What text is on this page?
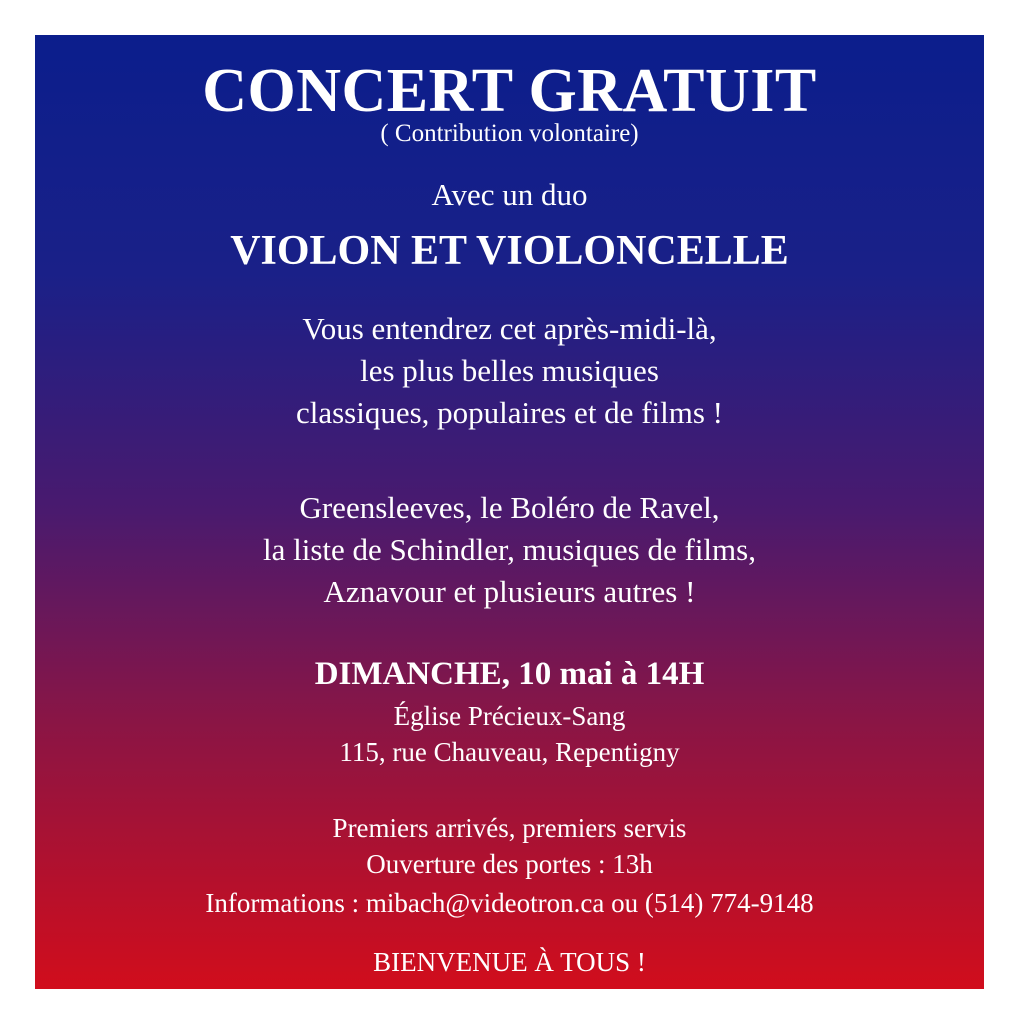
CONCERT GRATUIT
( Contribution volontaire)
Avec un duo
VIOLON ET VIOLONCELLE
Vous entendrez cet après-midi-là,
les plus belles musiques
classiques, populaires et de films !
Greensleeves, le Boléro de Ravel,
la liste de Schindler, musiques de films,
Aznavour et plusieurs autres !
DIMANCHE, 10 mai à 14H
Église Précieux-Sang
115, rue Chauveau, Repentigny
Premiers arrivés, premiers servis
Ouverture des portes : 13h
Informations : mibach@videotron.ca ou (514) 774-9148
BIENVENUE À TOUS !
